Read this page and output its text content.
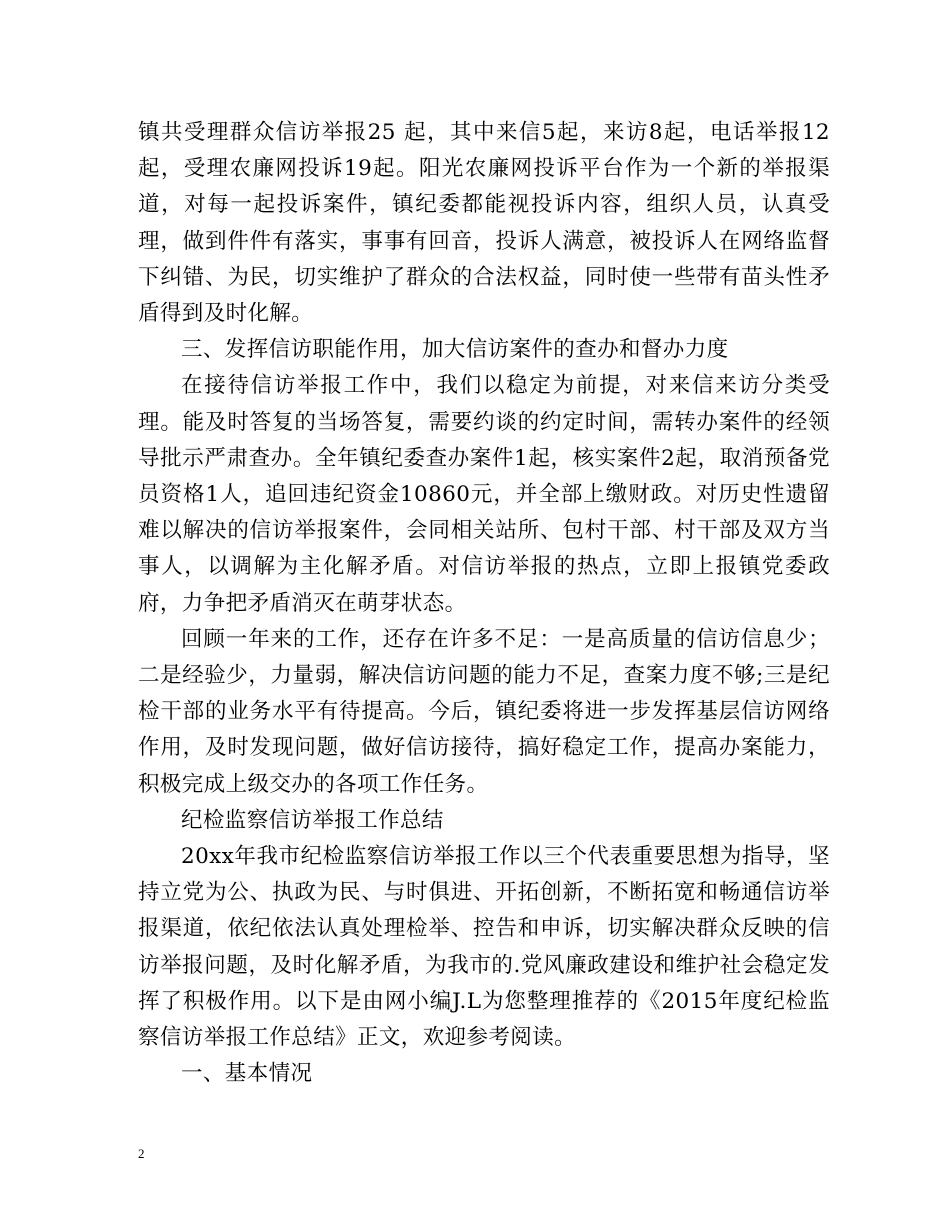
镇共受理群众信访举报25 起，其中来信5起，来访8起，电话举报12起，受理农廉网投诉19起。阳光农廉网投诉平台作为一个新的举报渠道，对每一起投诉案件，镇纪委都能视投诉内容，组织人员，认真受理，做到件件有落实，事事有回音，投诉人满意，被投诉人在网络监督下纠错、为民，切实维护了群众的合法权益，同时使一些带有苗头性矛盾得到及时化解。

三、发挥信访职能作用，加大信访案件的查办和督办力度

在接待信访举报工作中，我们以稳定为前提，对来信来访分类受理。能及时答复的当场答复，需要约谈的约定时间，需转办案件的经领导批示严肃查办。全年镇纪委查办案件1起，核实案件2起，取消预备党员资格1人，追回违纪资金10860元，并全部上缴财政。对历史性遗留难以解决的信访举报案件，会同相关站所、包村干部、村干部及双方当事人，以调解为主化解矛盾。对信访举报的热点，立即上报镇党委政府，力争把矛盾消灭在萌芽状态。

回顾一年来的工作，还存在许多不足：一是高质量的信访信息少；二是经验少，力量弱，解决信访问题的能力不足，查案力度不够;三是纪检干部的业务水平有待提高。今后，镇纪委将进一步发挥基层信访网络作用，及时发现问题，做好信访接待，搞好稳定工作，提高办案能力，积极完成上级交办的各项工作任务。

纪检监察信访举报工作总结

20xx年我市纪检监察信访举报工作以三个代表重要思想为指导，坚持立党为公、执政为民、与时俱进、开拓创新，不断拓宽和畅通信访举报渠道，依纪依法认真处理检举、控告和申诉，切实解决群众反映的信访举报问题，及时化解矛盾，为我市的.党风廉政建设和维护社会稳定发挥了积极作用。以下是由网小编J.L为您整理推荐的《2015年度纪检监察信访举报工作总结》正文，欢迎参考阅读。

一、基本情况

2
